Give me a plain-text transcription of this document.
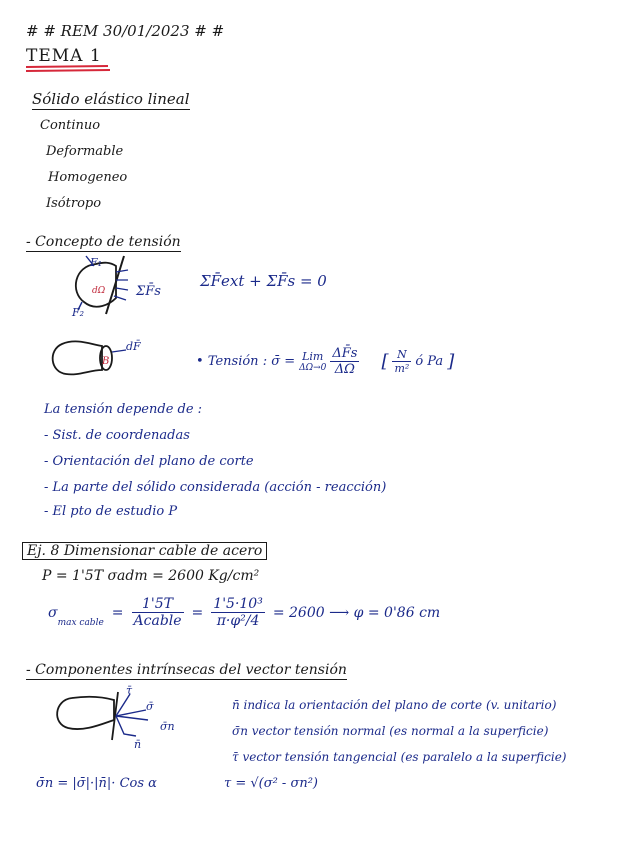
# # REM 30/01/2023 # #
TEMA 1
Sólido elástico lineal
Continuo
Deformable
Homogeneo
Isótropo
- Concepto de tensión
F₁
F₂
dΩ ΣF̄s
ΣF̄ext + ΣF̄s = 0
B
dF̄
• Tensión : σ̄ = Lim
$\Delta\Omega\to 0 \frac{\Delta F̄s}{\Delta\Omega}$ [ $\frac{N}{\text{m²}}$ ó Pa ]
La tensión depende de :
- Sist. de coordenadas
- Orientación del plano de corte
- La parte del sólido considerada (acción - reacción)
- El pto de estudio P
Ej. 8 Dimensionar cable de acero
P = 1'5T σadm = 2600 Kg/cm²
$\sigma_{max cable}$
= $\frac{1'5T}{\text{Acable}} = \frac{\text{1'5·10³}}{\text{π·φ²/4}} = 2600$ ⟶ φ = 0'86 cm
- Componentes intrínsecas del vector tensión
τ̄
σ̄
σ̄n
n̄
n̄ indica la orientación del plano de corte (v. unitario)
σ̄n vector tensión normal (es normal a la superficie)
τ̄ vector tensión tangencial (es paralelo a la superficie)
σ̄n = |σ̄|·|n̄|· Cos α	τ = √(σ² - σn²)
